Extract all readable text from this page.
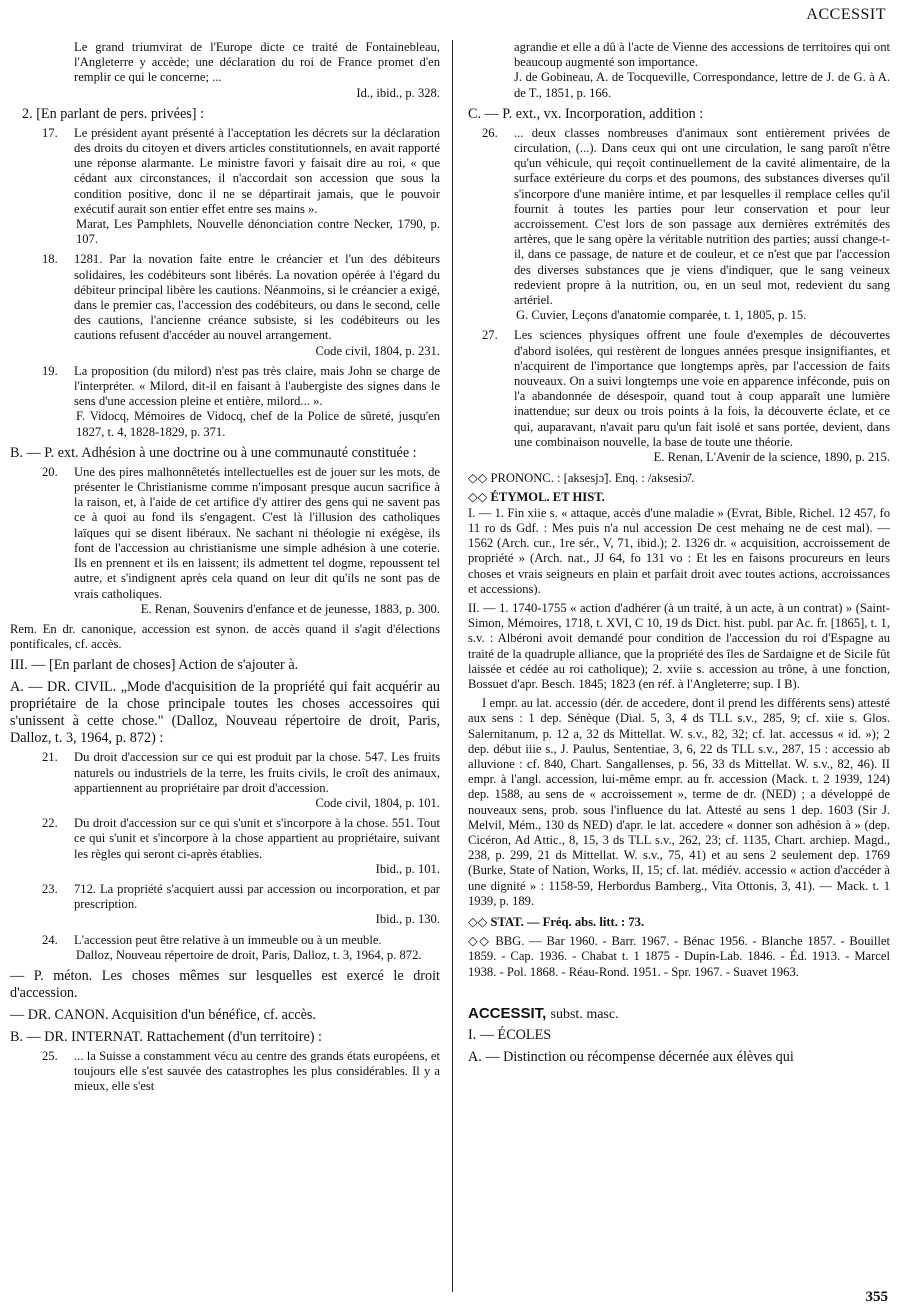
ACCESSIT

Le grand triumvirat de l'Europe dicte ce traité de Fontainebleau, l'Angleterre y accède; une déclaration du roi de France promet d'en remplir ce qui le concerne; ...

Id., ibid., p. 328.

2. [En parlant de pers. privées] :

17. Le président ayant présenté à l'acceptation les décrets sur la déclaration des droits du citoyen et divers articles constitutionnels, en avait rapporté une réponse alarmante. Le ministre favori y faisait dire au roi, « que cédant aux circonstances, il n'accordait son accession que sous la condition positive, donc il ne se départirait jamais, que le pouvoir exécutif aurait son entier effet entre ses mains ».

Marat, Les Pamphlets, Nouvelle dénonciation contre Necker, 1790, p. 107.

18. 1281. Par la novation faite entre le créancier et l'un des débiteurs solidaires, les codébiteurs sont libérés. La novation opérée à l'égard du débiteur principal libère les cautions. Néanmoins, si le créancier a exigé, dans le premier cas, l'accession des codébiteurs, ou dans le second, celle des cautions, l'ancienne créance subsiste, si les codébiteurs ou les cautions refusent d'accéder au nouvel arrangement.

Code civil, 1804, p. 231.

19. La proposition (du milord) n'est pas très claire, mais John se charge de l'interpréter. « Milord, dit-il en faisant à l'aubergiste des signes dans le sens d'une accession pleine et entière, milord... ».

F. Vidocq, Mémoires de Vidocq, chef de la Police de sûreté, jusqu'en 1827, t. 4, 1828-1829, p. 371.

B. — P. ext. Adhésion à une doctrine ou à une communauté constituée :

20. Une des pires malhonnêtetés intellectuelles est de jouer sur les mots, de présenter le Christianisme comme n'imposant presque aucun sacrifice à la raison, et, à l'aide de cet artifice d'y attirer des gens qui ne savent pas ce à quoi au fond ils s'engagent. C'est là l'illusion des catholiques laïques qui se disent libéraux. Ne sachant ni théologie ni exégèse, ils font de l'accession au christianisme une simple adhésion à une coterie. Ils en prennent et ils en laissent; ils admettent tel dogme, repoussent tel autre, et s'indignent après cela quand on leur dit qu'ils ne sont pas de vrais catholiques.

E. Renan, Souvenirs d'enfance et de jeunesse, 1883, p. 300.

Rem. En dr. canonique, accession est synon. de accès quand il s'agit d'élections pontificales, cf. accès.

III. — [En parlant de choses] Action de s'ajouter à.

A. — DR. CIVIL. „Mode d'acquisition de la propriété qui fait acquérir au propriétaire de la chose principale toutes les choses accessoires qui s'unissent à cette chose." (Dalloz, Nouveau répertoire de droit, Paris, Dalloz, t. 3, 1964, p. 872) :

21. Du droit d'accession sur ce qui est produit par la chose. 547. Les fruits naturels ou industriels de la terre, les fruits civils, le croît des animaux, appartiennent au propriétaire par droit d'accession.

Code civil, 1804, p. 101.

22. Du droit d'accession sur ce qui s'unit et s'incorpore à la chose. 551. Tout ce qui s'unit et s'incorpore à la chose appartient au propriétaire, suivant les règles qui seront ci-après établies.

Ibid., p. 101.

23. 712. La propriété s'acquiert aussi par accession ou incorporation, et par prescription.

Ibid., p. 130.

24. L'accession peut être relative à un immeuble ou à un meuble.

Dalloz, Nouveau répertoire de droit, Paris, Dalloz, t. 3, 1964, p. 872.

— P. méton. Les choses mêmes sur lesquelles est exercé le droit d'accession.

— DR. CANON. Acquisition d'un bénéfice, cf. accès.

B. — DR. INTERNAT. Rattachement (d'un territoire) :

25. ... la Suisse a constamment vécu au centre des grands états européens, et toujours elle s'est sauvée des catastrophes les plus considérables. Il y a mieux, elle s'est

agrandie et elle a dû à l'acte de Vienne des accessions de territoires qui ont beaucoup augmenté son importance.

J. de Gobineau, A. de Tocqueville, Correspondance, lettre de J. de G. à A. de T., 1851, p. 166.

C. — P. ext., vx. Incorporation, addition :

26. ... deux classes nombreuses d'animaux sont entièrement privées de circulation, (...). Dans ceux qui ont une circulation, le sang paroît n'être qu'un véhicule, qui reçoit continuellement de la cavité alimentaire, de la surface extérieure du corps et des poumons, des substances diverses qu'il s'incorpore d'une manière intime, et par lesquelles il remplace celles qu'il fournit à toutes les parties pour leur conservation et pour leur accroissement. C'est lors de son passage aux dernières extrémités des artères, que le sang opère la véritable nutrition des parties; aussi change-t-il, dans ce passage, de nature et de couleur, et ce n'est que par l'accession des diverses substances que je viens d'indiquer, que le sang veineux redevient propre à la nutrition, ou, en un seul mot, redevient du sang artériel.

G. Cuvier, Leçons d'anatomie comparée, t. 1, 1805, p. 15.

27. Les sciences physiques offrent une foule d'exemples de découvertes d'abord isolées, qui restèrent de longues années presque insignifiantes, et n'acquirent de l'importance que longtemps après, par l'accession de faits nouveaux. On a suivi longtemps une voie en apparence inféconde, puis on l'a abandonnée de désespoir, quand tout à coup apparaît une lumière inattendue; sur deux ou trois points à la fois, la découverte éclate, et ce qui, auparavant, n'avait paru qu'un fait isolé et sans portée, devient, dans une combinaison nouvelle, la base de toute une théorie.

E. Renan, L'Avenir de la science, 1890, p. 215.

◇◇ PRONONC. : [aksesjɔ̃]. Enq. : /aksesiɔ̃/.

◇◇ ÉTYMOL. ET HIST.

I. — 1. Fin xiie s. « attaque, accès d'une maladie » (Evrat, Bible, Richel. 12 457, fo 11 ro ds Gdf. : Mes puis n'a nul accession De cest mehaing ne de cest mal). — 1562 (Arch. cur., 1re sér., V, 71, ibid.); 2. 1326 dr. « acquisition, accroissement de propriété » (Arch. nat., JJ 64, fo 131 vo : Et les en faisons procureurs en leurs choses et vrais seigneurs en plain et parfait droit avec toutes actions, accroissances et accessions).

II. — 1. 1740-1755 « action d'adhérer (à un traité, à un acte, à un contrat) » (Saint-Simon, Mémoires, 1718, t. XVI, C 10, 19 ds Dict. hist. publ. par Ac. fr. [1865], t. 1, s.v. : Albéroni avoit demandé pour condition de l'accession du roi d'Espagne au traité de la quadruple alliance, que la propriété des îles de Sardaigne et de Sicile fût laissée et cédée au roi catholique); 2. xviie s. accession au trône, à une fonction, Bossuet d'apr. Besch. 1845; 1823 (en réf. à l'Angleterre; sup. I B).

I empr. au lat. accessio (dér. de accedere, dont il prend les différents sens) attesté aux sens : 1 dep. Sénèque (Dial. 5, 3, 4 ds TLL s.v., 285, 9; cf. xiie s. Glos. Salernitanum, p. 12 a, 32 ds Mittellat. W. s.v., 82, 32; cf. lat. accessus « id. »); 2 dep. début iiie s., J. Paulus, Sententiae, 3, 6, 22 ds TLL s.v., 287, 15 : accessio ab alluvione : cf. 840, Chart. Sangallenses, p. 56, 33 ds Mittellat. W. s.v., 82, 46). II empr. à l'angl. accession, lui-même empr. au fr. accession (Mack. t. 2 1939, 124) dep. 1588, au sens de « accroissement », terme de dr. (NED) ; a développé de nouveaux sens, prob. sous l'influence du lat. Attesté au sens 1 dep. 1603 (Sir J. Melvil, Mém., 130 ds NED) d'apr. le lat. accedere « donner son adhésion à » (dep. Cicéron, Ad Attic., 8, 15, 3 ds TLL s.v., 262, 23; cf. 1135, Chart. archiep. Magd., 238, p. 299, 21 ds Mittellat. W. s.v., 75, 41) et au sens 2 seulement dep. 1769 (Burke, State of Nation, Works, II, 15; cf. lat. médiév. accessio « action d'accéder à une dignité » : 1158-59, Herbordus Bamberg., Vita Ottonis, 3, 41). — Mack. t. 1 1939, p. 189.

◇◇ STAT. — Fréq. abs. litt. : 73.

◇◇ BBG. — Bar 1960. - Barr. 1967. - Bénac 1956. - Blanche 1857. - Bouillet 1859. - Cap. 1936. - Chabat t. 1 1875 - Dupin-Lab. 1846. - Éd. 1913. - Marcel 1938. - Pol. 1868. - Réau-Rond. 1951. - Spr. 1967. - Suavet 1963.

ACCESSIT, subst. masc.

I. — ÉCOLES

A. — Distinction ou récompense décernée aux élèves qui

355
